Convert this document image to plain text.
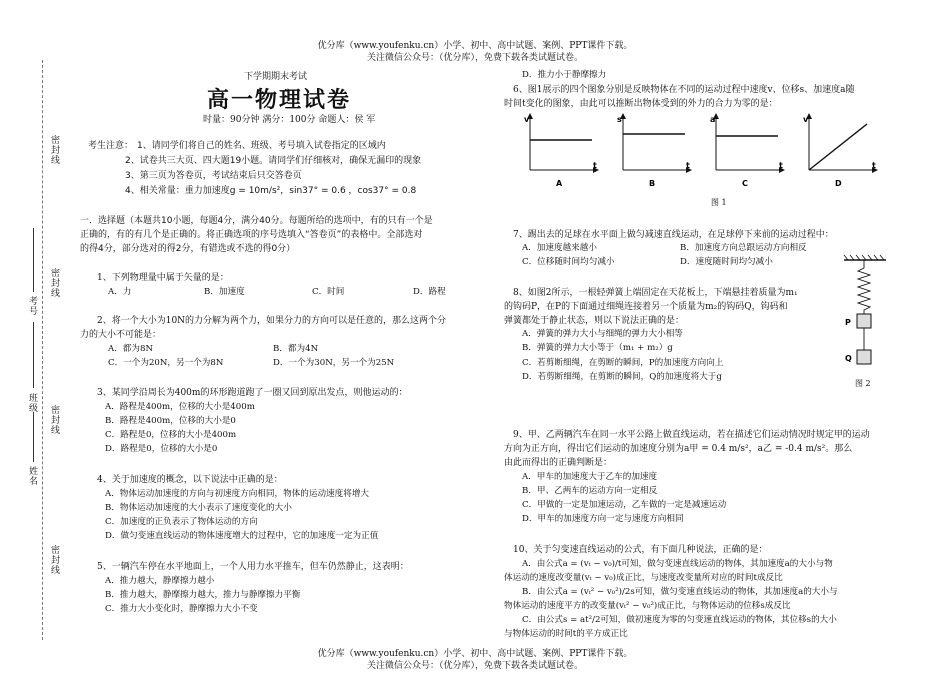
优分库（www.youfenku.cn）小学、初中、高中试题、案例、PPT课件下载。
关注微信公众号：（优分库），免费下载各类试题试卷。
优分库（www.youfenku.cn）小学、初中、高中试题、案例、PPT课件下载。
关注微信公众号：（优分库），免费下载各类试题试卷。
密封线
密封线
密封线
密封线
姓名
班级
考号
下学期期末考试
高一物理试卷
时量：90分钟 满分：100分 命题人：侯 军
考生注意： 1、请同学们将自己的姓名、班级、考号填入试卷指定的区域内
2、试卷共三大页、四大题19小题。请同学们仔细核对，确保无漏印的现象
3、第三页为答卷页，考试结束后只交答卷页
4、相关常量：重力加速度g = 10m/s²，sin37° = 0.6 ，cos37° = 0.8
一．选择题（本题共10小题，每题4分，满分40分。每题所给的选项中，有的只有一个是
正确的，有的有几个是正确的。将正确选项的序号选填入“答卷页”的表格中。全部选对
的得4分，部分选对的得2分，有错选或不选的得0分）
1、下列物理量中属于矢量的是：
A．力	B．加速度	C．时间	D．路程
2、将一个大小为10N的力分解为两个力，如果分力的方向可以是任意的，那么这两个分
力的大小不可能是：
A．都为8N	B．都为4N
C．一个为20N，另一个为8N	D．一个为30N，另一个为25N
3、某同学沿周长为400m的环形跑道跑了一圈又回到原出发点，则他运动的：
A．路程是400m，位移的大小是400m
B．路程是400m，位移的大小是0
C．路程是0，位移的大小是400m
D．路程是0，位移的大小是0
4、关于加速度的概念，以下说法中正确的是：
A．物体运动加速度的方向与初速度方向相同，物体的运动速度将增大
B．物体运动加速度的大小表示了速度变化的大小
C．加速度的正负表示了物体运动的方向
D．做匀变速直线运动的物体速度增大的过程中，它的加速度一定为正值
5、一辆汽车停在水平地面上，一个人用力水平推车，但车仍然静止，这表明：
A．推力越大，静摩擦力越小
B．推力越大，静摩擦力越大，推力与静摩擦力平衡
C．推力大小变化时，静摩擦力大小不变
D．推力小于静摩擦力
6、图1展示的四个图象分别是反映物体在不同的运动过程中速度v、位移s、加速度a随
时间t变化的图象，由此可以推断出物体受到的外力的合力为零的是：
v
t
A
s
t
B
a
t
C
v
t
D
图 1
7、踢出去的足球在水平面上做匀减速直线运动，在足球停下来前的运动过程中：
A．加速度越来越小	B．加速度方向总跟运动方向相反
C．位移随时间均匀减小	D．速度随时间均匀减小
8、如图2所示，一根轻弹簧上端固定在天花板上，下端悬挂着质量为m₁
的钩码P，在P的下面通过细绳连接着另一个质量为m₂的钩码Q，钩码和
弹簧都处于静止状态，则以下说法正确的是：
A．弹簧的弹力大小与细绳的弹力大小相等
B．弹簧的弹力大小等于（m₁ + m₂）g
C．若剪断细绳，在剪断的瞬间，P的加速度方向向上
D．若剪断细绳，在剪断的瞬间，Q的加速度将大于g
P
Q
图 2
9、甲、乙两辆汽车在同一水平公路上做直线运动，若在描述它们运动情况时规定甲的运动
方向为正方向，得出它们运动的加速度分别为a甲 = 0.4 m/s²，a乙 = -0.4 m/s²。那么
由此而得出的正确判断是：
A．甲车的加速度大于乙车的加速度
B．甲、乙两车的运动方向一定相反
C．甲做的一定是加速运动，乙车做的一定是减速运动
D．甲车的加速度方向一定与速度方向相同
10、关于匀变速直线运动的公式，有下面几种说法，正确的是：
A．由公式a = (vₜ − v₀)/t可知，做匀变速直线运动的物体，其加速度a的大小与物
体运动的速度改变量(vₜ − v₀)成正比，与速度改变量所对应的时间t成反比
B．由公式a = (vₜ² − v₀²)/2s可知，做匀变速直线运动的物体，其加速度a的大小与
物体运动的速度平方的改变量(vₜ² − v₀²)成正比，与物体运动的位移s成反比
C．由公式s = at²/2可知，做初速度为零的匀变速直线运动的物体，其位移s的大小
与物体运动的时间t的平方成正比
